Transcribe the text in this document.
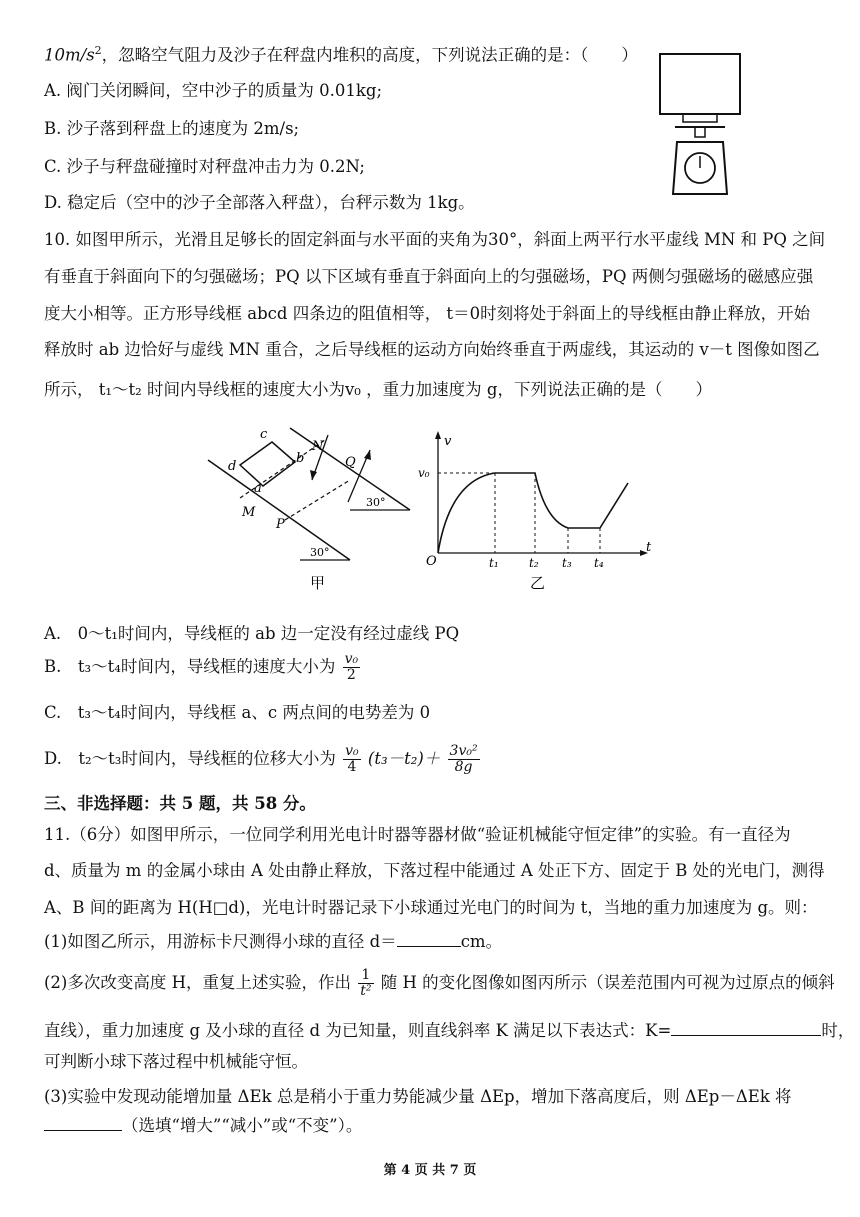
$10m/s^2$，忽略空气阻力及沙子在秤盘内堆积的高度，下列说法正确的是：（　　）
A. 阀门关闭瞬间，空中沙子的质量为 0.01kg;
B. 沙子落到秤盘上的速度为 2m/s;
C. 沙子与秤盘碰撞时对秤盘冲击力为 0.2N;
D. 稳定后（空中的沙子全部落入秤盘），台秤示数为 1kg。
10. 如图甲所示，光滑且足够长的固定斜面与水平面的夹角为30°，斜面上两平行水平虚线 MN 和 PQ 之间
有垂直于斜面向下的匀强磁场；PQ 以下区域有垂直于斜面向上的匀强磁场，PQ 两侧匀强磁场的磁感应强
度大小相等。正方形导线框 abcd 四条边的阻值相等， t＝0时刻将处于斜面上的导线框由静止释放，开始
释放时 ab 边恰好与虚线 MN 重合，之后导线框的运动方向始终垂直于两虚线，其运动的 v－t 图像如图乙
所示， t₁～t₂ 时间内导线框的速度大小为v₀ ，重力加速度为 g，下列说法正确的是（　　）
c
d
b
a
N
Q
M
P
30°
30°
甲
v
t
O
v₀
t₁	t₂ t₃ t₄
乙
A.　0～t₁时间内，导线框的 ab 边一定没有经过虚线 PQ
B.　t₃～t₄时间内，导线框的速度大小为 $\frac{\text{v₀}}{2}$
C.　t₃～t₄时间内，导线框 a、c 两点间的电势差为 0
D.　t₂～t₃时间内，导线框的位移大小为 $\frac{\text{v₀}}{4} (t_3-t_2)+ \frac{\text{3v₀²}}{8g}$
三、非选择题：共 5 题，共 58 分。
11.（6分）如图甲所示，一位同学利用光电计时器等器材做“验证机械能守恒定律”的实验。有一直径为
d、质量为 m 的金属小球由 A 处由静止释放，下落过程中能通过 A 处正下方、固定于 B 处的光电门，测得
A、B 间的距离为 H(H□d)，光电计时器记录下小球通过光电门的时间为 t，当地的重力加速度为 g。则：
(1)如图乙所示，用游标卡尺测得小球的直径 d＝	cm。
(2)多次改变高度 H，重复上述实验，作出 $\frac{1}{\text{t²}}$ 随 H 的变化图像如图丙所示（误差范围内可视为过原点的倾斜
直线），重力加速度 g 及小球的直径 d 为已知量，则直线斜率 K 满足以下表达式：K=	时，
可判断小球下落过程中机械能守恒。
(3)实验中发现动能增加量 ΔEk 总是稍小于重力势能减少量 ΔEp，增加下落高度后，则 ΔEp－ΔEk 将
（选填“增大”“减小”或“不变”）。
第 4 页 共 7 页
